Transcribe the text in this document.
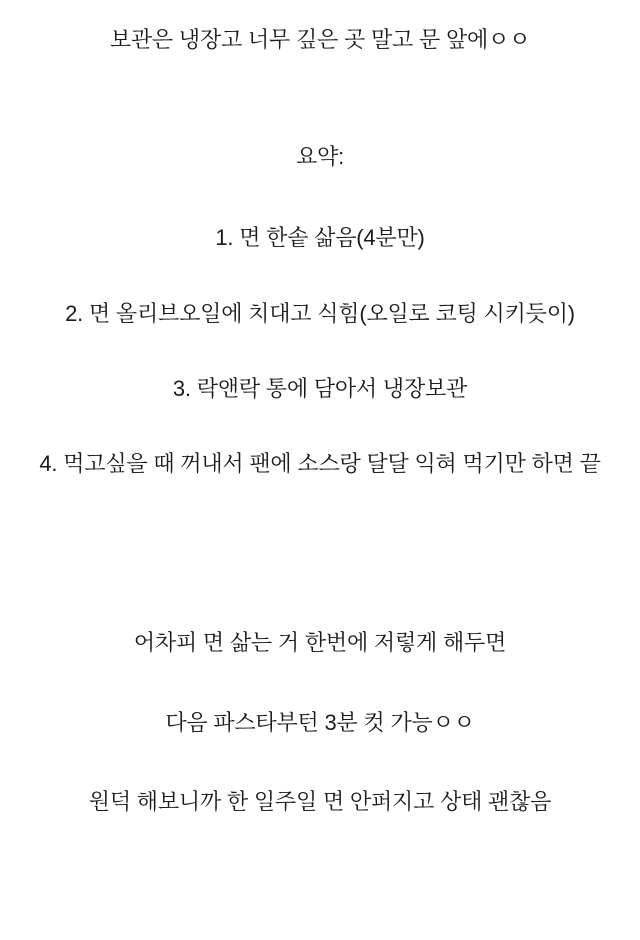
보관은 냉장고 너무 깊은 곳 말고 문 앞에ㅇㅇ
요약:
1. 면 한솥 삶음(4분만)
2. 면 올리브오일에 치대고 식힘(오일로 코팅 시키듯이)
3. 락앤락 통에 담아서 냉장보관
4. 먹고싶을 때 꺼내서 팬에 소스랑 달달 익혀 먹기만 하면 끝
어차피 면 삶는 거 한번에 저렇게 해두면
다음 파스타부턴 3분 컷 가능ㅇㅇ
원덕 해보니까 한 일주일 면 안퍼지고 상태 괜찮음
